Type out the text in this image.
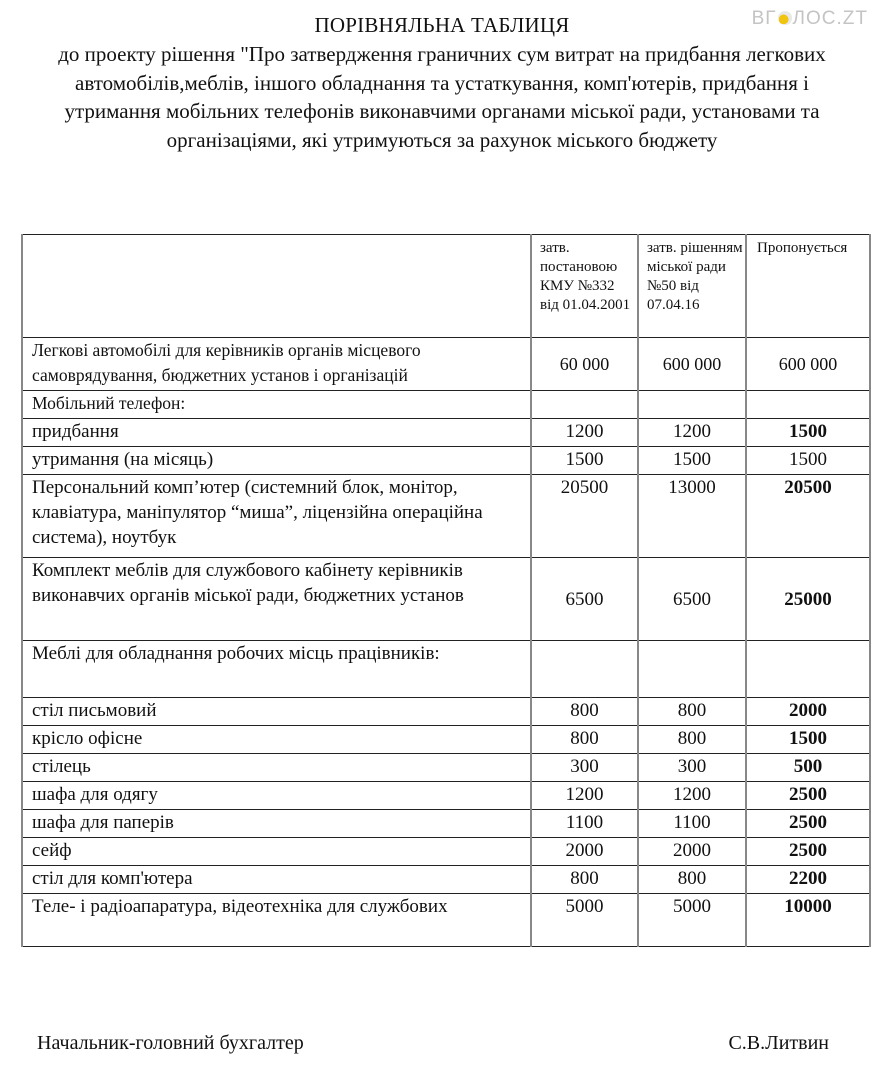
ВГ ЛОС.ZT
ПОРІВНЯЛЬНА ТАБЛИЦЯ

до проекту рішення "Про затвердження граничних сум витрат на придбання легкових автомобілів,меблів, іншого обладнання та устаткування, комп'ютерів, придбання і утримання мобільних телефонів виконавчими органами міської ради, установами та організаціями, які утримуються за рахунок міського бюджету

	затв. постановою КМУ №332 від 01.04.2001	затв. рішенням міської ради №50 від 07.04.16	Пропонується
Легкові автомобілі для керівників органів місцевого самоврядування, бюджетних установ і організацій	60 000	600 000	600 000
Мобільний телефон:			
придбання	1200	1200	1500
утримання (на місяць)	1500	1500	1500
Персональний комп’ютер (системний блок, монітор, клавіатура, маніпулятор “миша”, ліцензійна операційна система), ноутбук	20500	13000	20500
Комплект меблів для службового кабінету керівників виконавчих органів міської ради, бюджетних установ	6500	6500	25000
Меблі для обладнання робочих місць працівників:			
стіл письмовий	800	800	2000
крісло офісне	800	800	1500
стілець	300	300	500
шафа для одягу	1200	1200	2500
шафа для паперів	1100	1100	2500
сейф	2000	2000	2500
стіл для комп'ютера	800	800	2200
Теле- і радіоапаратура, відеотехніка для службових	5000	5000	10000
Начальник-головний бухгалтер	С.В.Литвин
